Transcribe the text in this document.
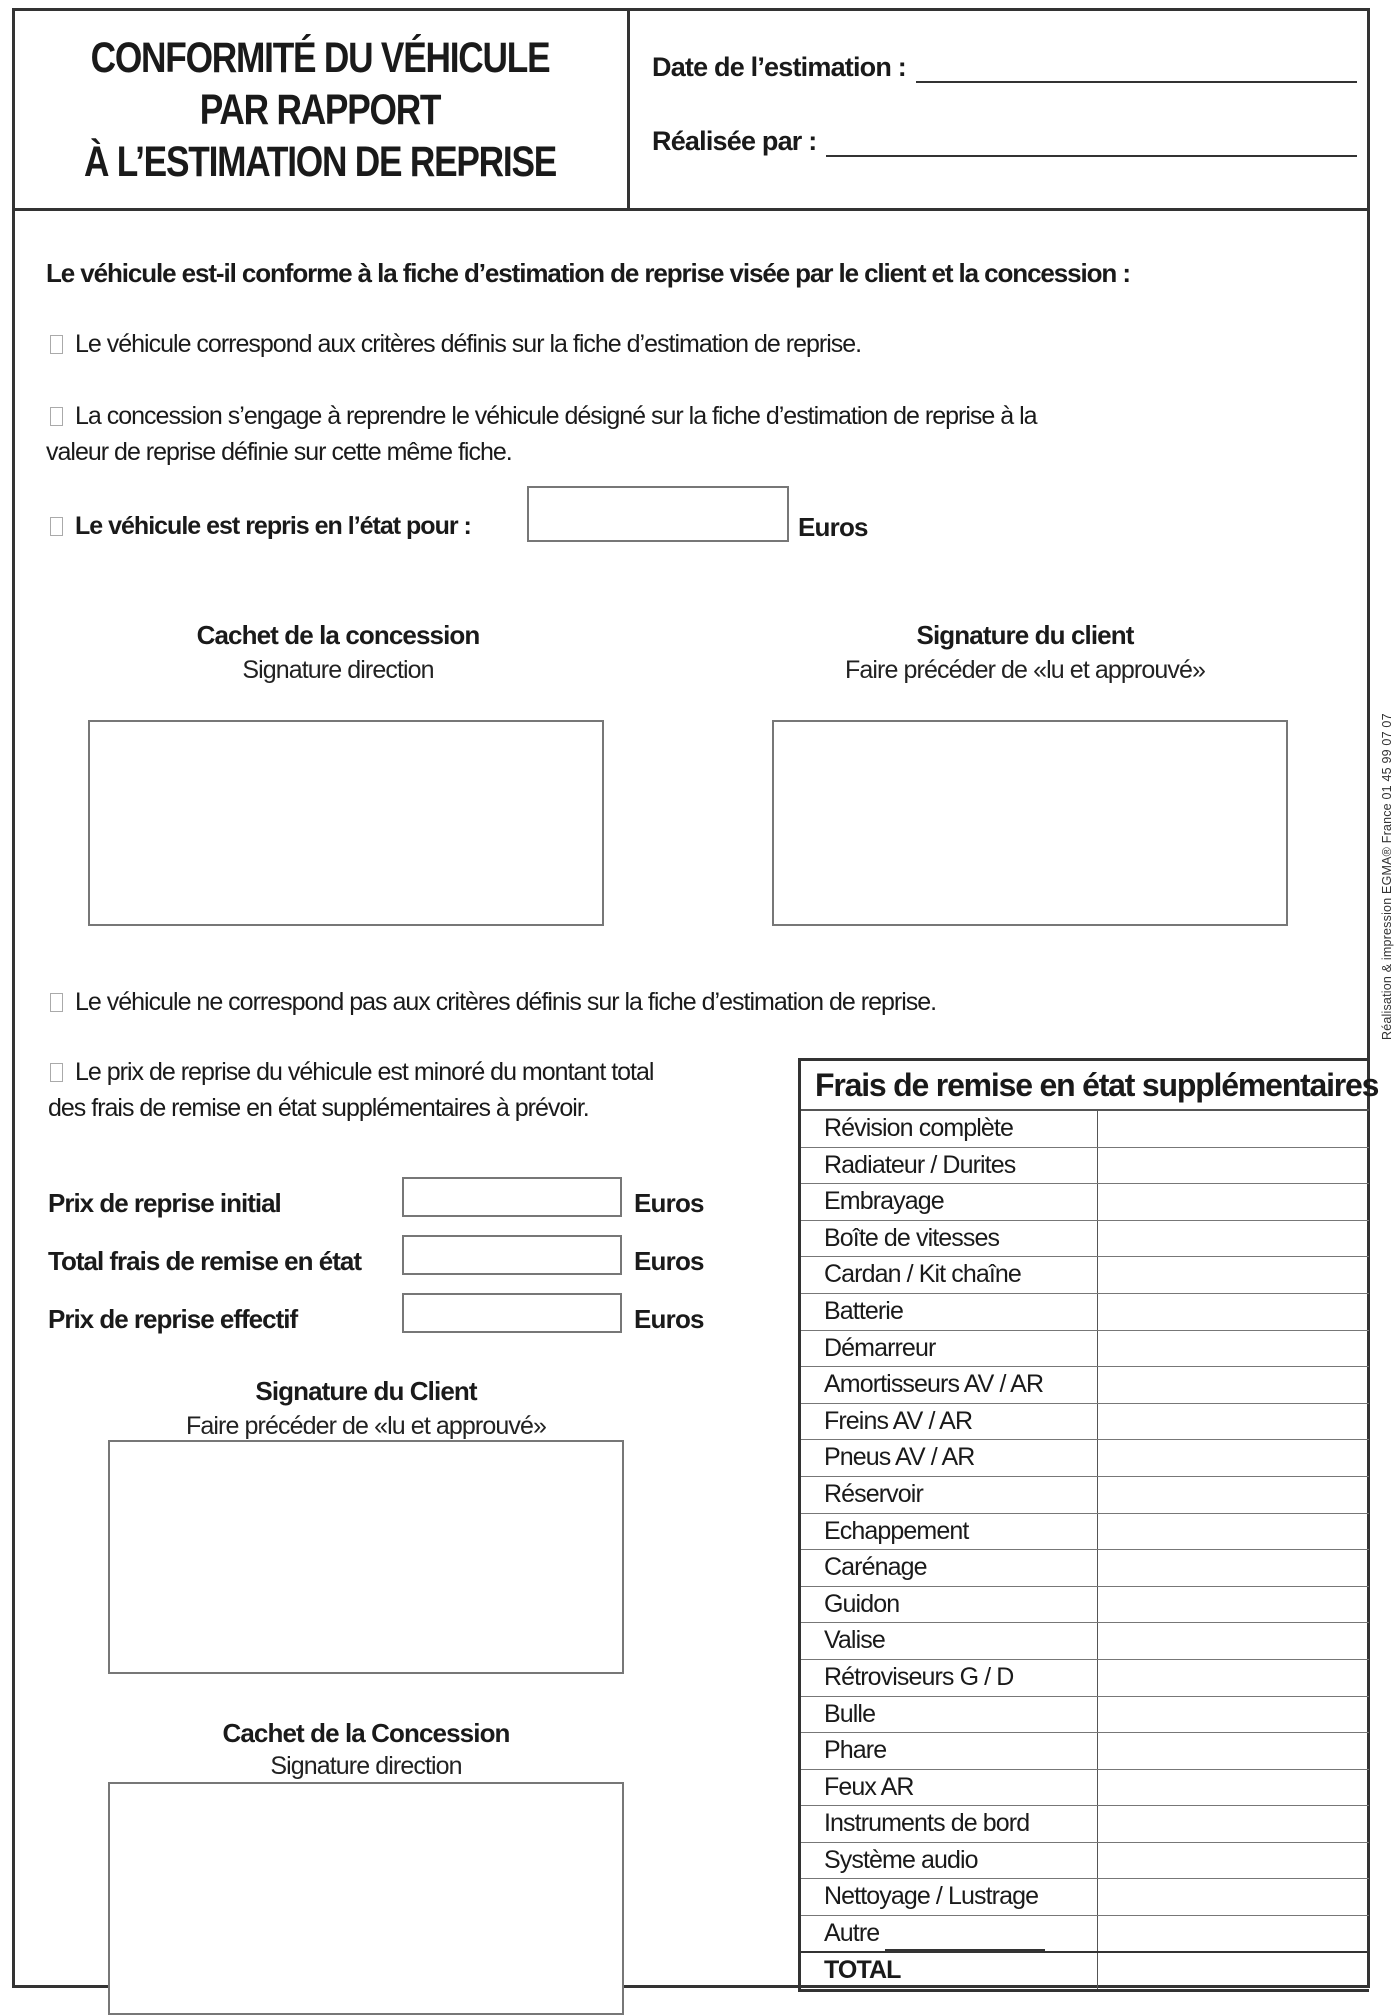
CONFORMITÉ DU VÉHICULE
PAR RAPPORT
À L’ESTIMATION DE REPRISE
Date de l’estimation :
Réalisée par :
Le véhicule est-il conforme à la fiche d’estimation de reprise visée par le client et la concession :
Le véhicule correspond aux critères définis sur la fiche d’estimation de reprise.
La concession s’engage à reprendre le véhicule désigné sur la fiche d’estimation de reprise à la
valeur de reprise définie sur cette même fiche.
Le véhicule est repris en l’état pour :	Euros
Cachet de la concession
Signature direction
Signature du client
Faire précéder de «lu et approuvé»
Le véhicule ne correspond pas aux critères définis sur la fiche d’estimation de reprise.
Le prix de reprise du véhicule est minoré du montant total
des frais de remise en état supplémentaires à prévoir.
Prix de reprise initial	Euros
Total frais de remise en état	Euros
Prix de reprise effectif	Euros
Signature du Client
Faire précéder de «lu et approuvé»
Cachet de la Concession
Signature direction
Frais de remise en état supplémentaires
Révision complète
Radiateur / Durites
Embrayage
Boîte de vitesses
Cardan / Kit chaîne
Batterie
Démarreur
Amortisseurs AV / AR
Freins AV / AR
Pneus AV / AR
Réservoir
Echappement
Carénage
Guidon
Valise
Rétroviseurs G / D
Bulle
Phare
Feux AR
Instruments de bord
Système audio
Nettoyage / Lustrage
Autre
TOTAL
Réalisation & impression EGMA® France 01 45 99 07 07
